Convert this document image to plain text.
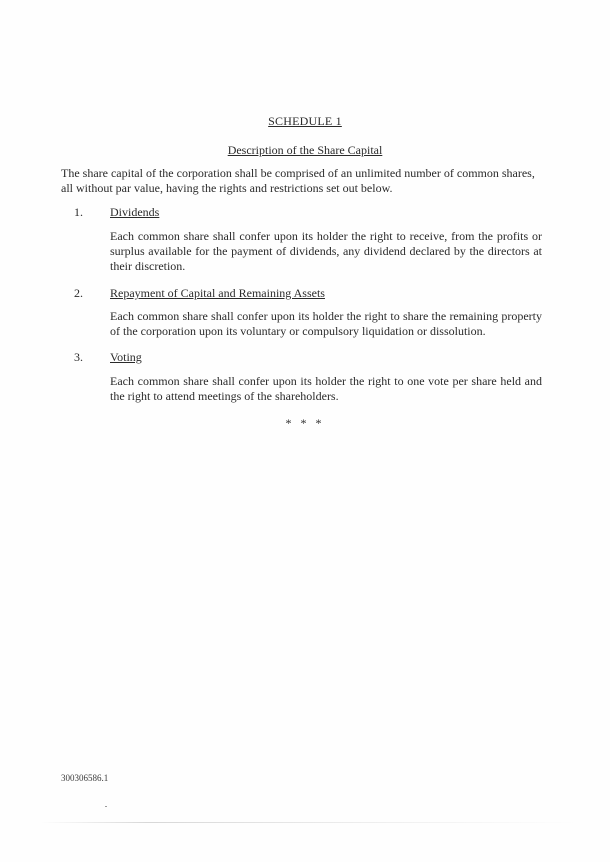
SCHEDULE 1
Description of the Share Capital
The share capital of the corporation shall be comprised of an unlimited number of common shares, all without par value, having the rights and restrictions set out below.
1. Dividends
Each common share shall confer upon its holder the right to receive, from the profits or surplus available for the payment of dividends, any dividend declared by the directors at their discretion.
2. Repayment of Capital and Remaining Assets
Each common share shall confer upon its holder the right to share the remaining property of the corporation upon its voluntary or compulsory liquidation or dissolution.
3. Voting
Each common share shall confer upon its holder the right to one vote per share held and the right to attend meetings of the shareholders.
* * *
300306586.1
